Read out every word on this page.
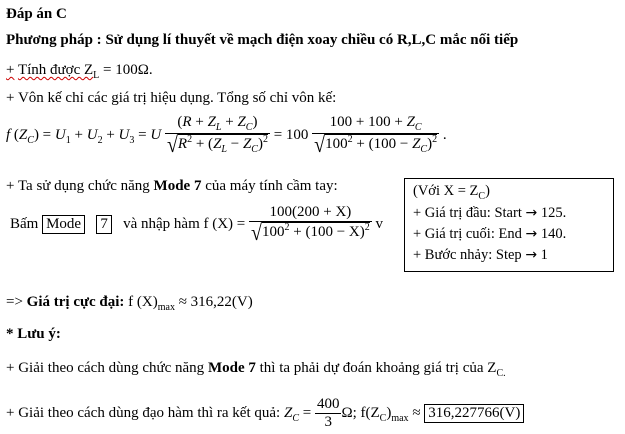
Đáp án C
Phương pháp : Sử dụng lí thuyết về mạch điện xoay chiều có R,L,C mắc nối tiếp
+ Tính được $Z_L = 100\Omega$.
+ Vôn kế chỉ các giá trị hiệu dụng. Tổng số chỉ vôn kế:
f $(Z_C) = U_1 + U_2 + U_3 = U \frac{(R + Z_L + Z_C)}{√R^2 + (Z_L - Z_C)^2} = 100 \frac{100 + 100 + Z_C}{√100^2 + (100 - Z_C)^2}$ .
+ Ta sử dụng chức năng Mode 7 của máy tính cầm tay:
Bấm Mode 7 và nhập hàm f $(X) = \frac{100(200 + X)}{√100^2 + (100 - X)^2}$ v
(Với $X = Z_C$)
+ Giá trị đầu: Start → 125.
+ Giá trị cuối: End → 140.
+ Bước nhảy: Step → 1
=> Giá trị cực đại: f $(X)_{max} \approx 316,22(V)$
* Lưu ý:
+ Giải theo cách dùng chức năng Mode 7 thì ta phải dự đoán khoảng giá trị của $Z_{C.}$
+ Giải theo cách dùng đạo hàm thì ra kết quả: $Z_C = \frac{400}{3} \Omega$; $f(Z_C)_{max} \approx 316,227766(V)$
